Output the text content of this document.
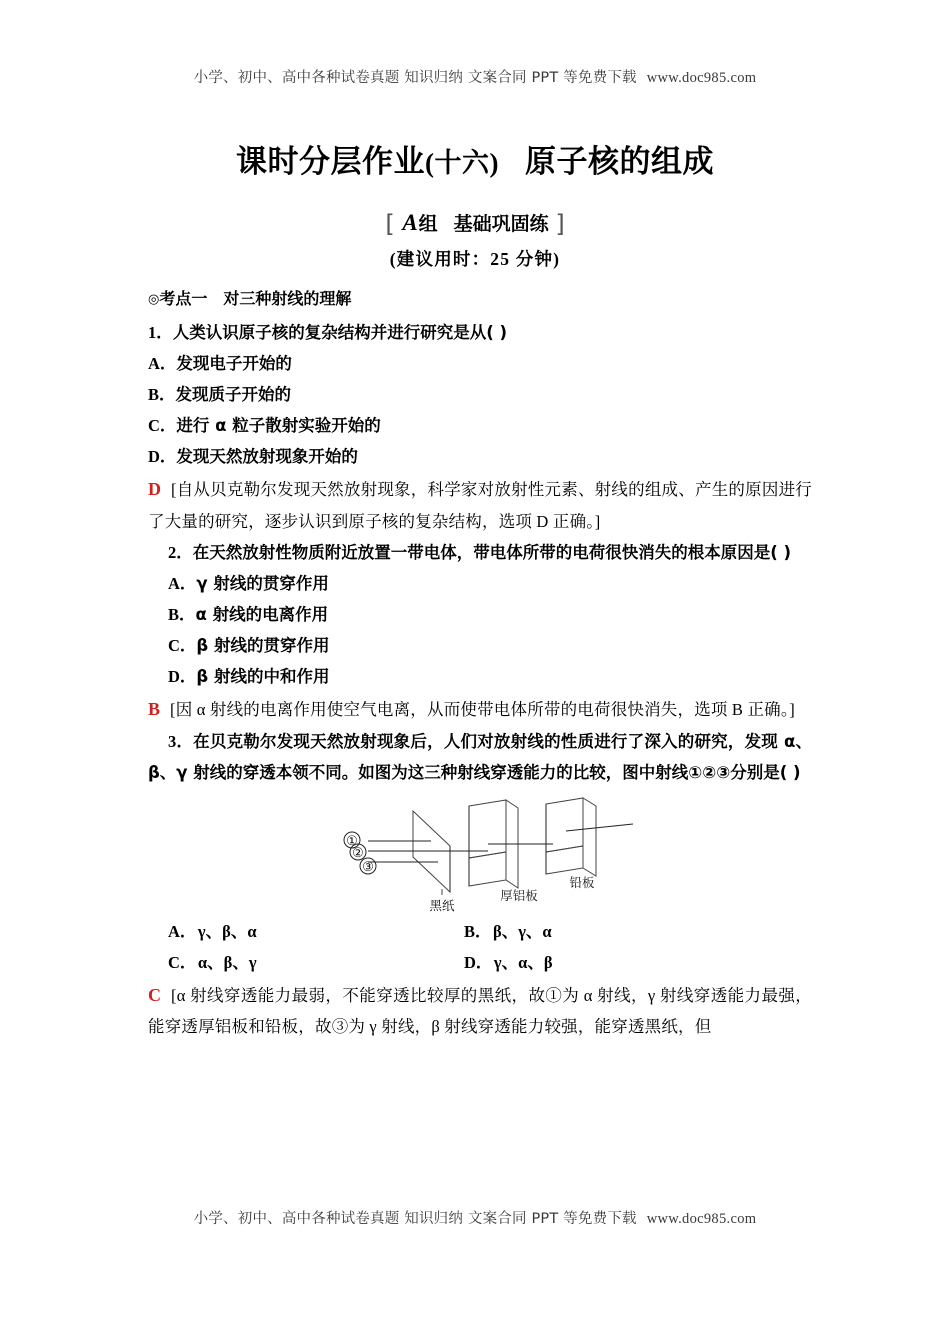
小学、初中、高中各种试卷真题 知识归纳 文案合同 PPT 等免费下载 www.doc985.com
课时分层作业(十六) 原子核的组成
[ A组 基础巩固练 ]
(建议用时：25 分钟)

◎考点一 对三种射线的理解

1．人类认识原子核的复杂结构并进行研究是从( )

A．发现电子开始的

B．发现质子开始的

C．进行 α 粒子散射实验开始的

D．发现天然放射现象开始的

D [自从贝克勒尔发现天然放射现象，科学家对放射性元素、射线的组成、产生的原因进行了大量的研究，逐步认识到原子核的复杂结构，选项 D 正确。]

2．在天然放射性物质附近放置一带电体，带电体所带的电荷很快消失的根本原因是( )

A．γ 射线的贯穿作用

B．α 射线的电离作用

C．β 射线的贯穿作用

D．β 射线的中和作用

B [因 α 射线的电离作用使空气电离，从而使带电体所带的电荷很快消失，选项 B 正确。]

3．在贝克勒尔发现天然放射现象后，人们对放射线的性质进行了深入的研究，发现 α、β、γ 射线的穿透本领不同。如图为这三种射线穿透能力的比较，图中射线①②③分别是( )

①
②
③
黑纸
厚铝板
铅板

A．γ、β、α

C．α、β、γ

B．β、γ、α

D．γ、α、β

C [α 射线穿透能力最弱，不能穿透比较厚的黑纸，故①为 α 射线，γ 射线穿透能力最强，能穿透厚铝板和铅板，故③为 γ 射线，β 射线穿透能力较强，能穿透黑纸，但

小学、初中、高中各种试卷真题 知识归纳 文案合同 PPT 等免费下载 www.doc985.com
